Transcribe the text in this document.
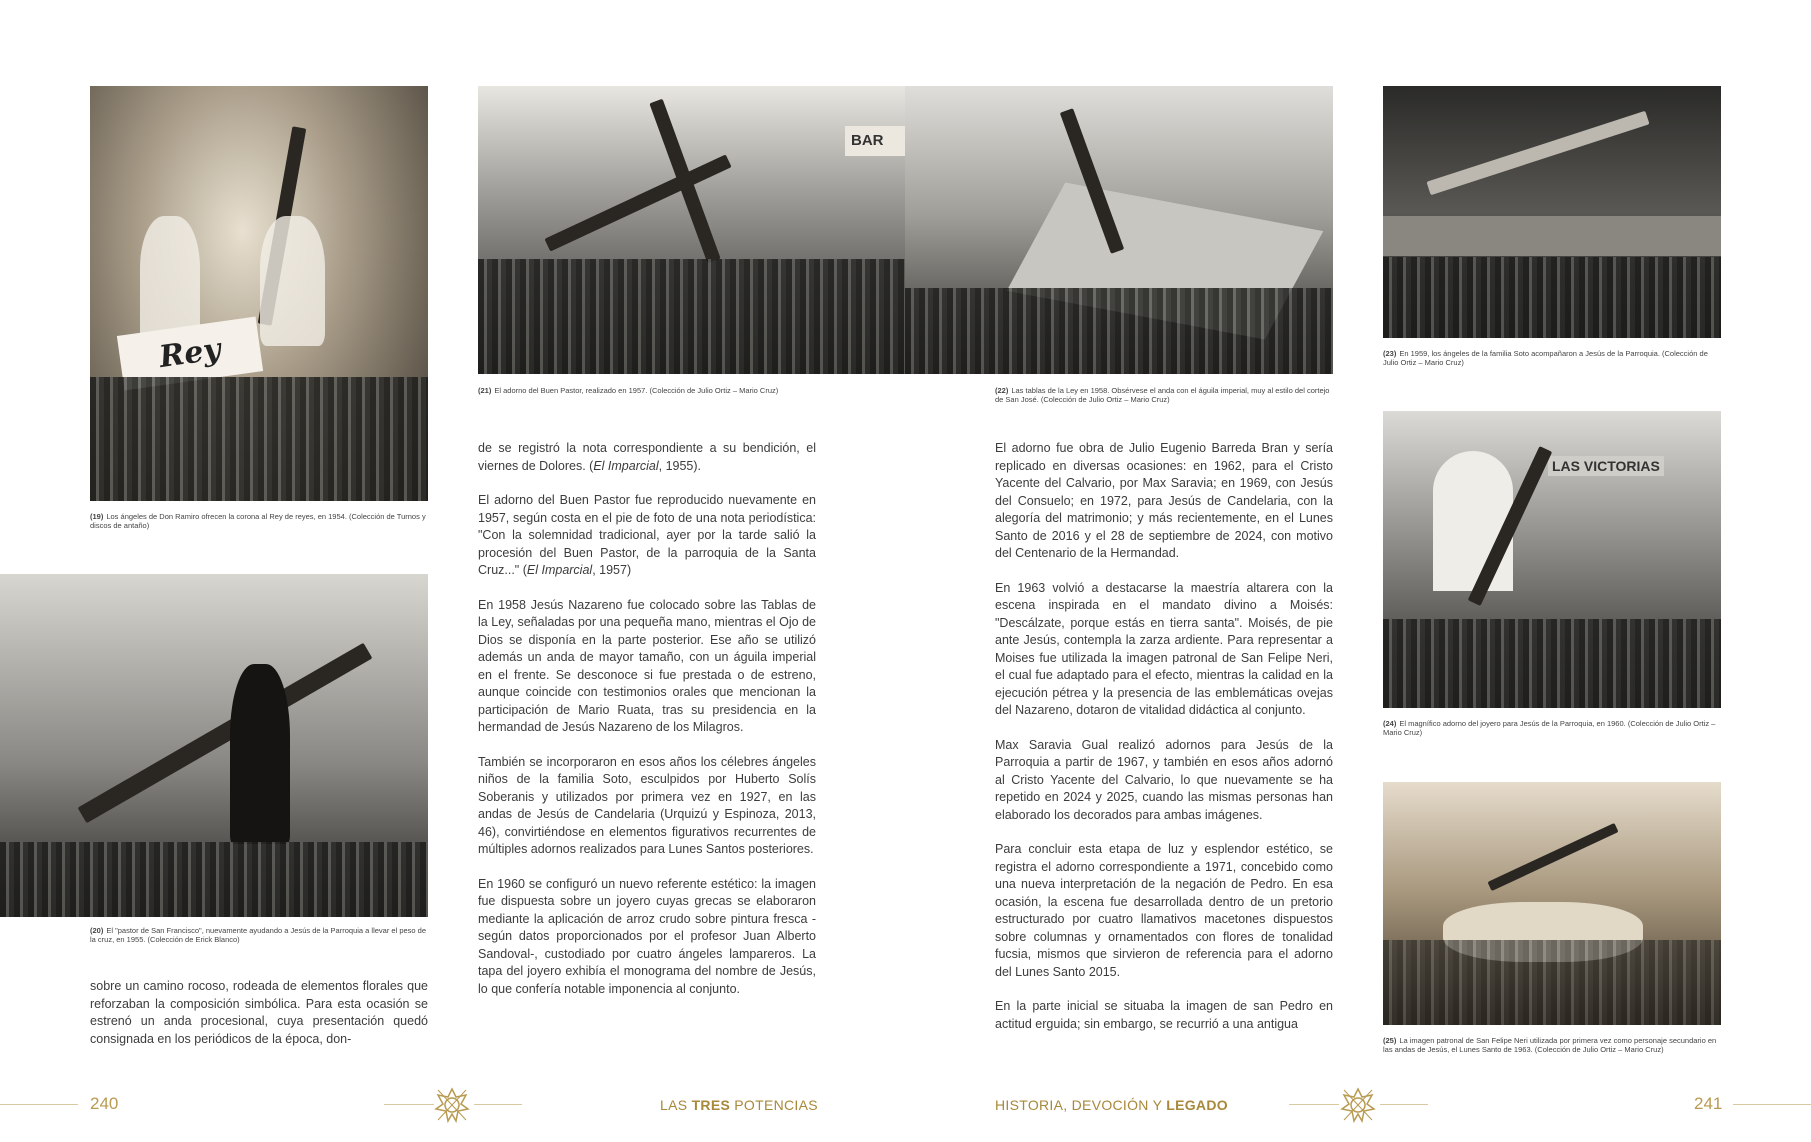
Rey
(19) Los ángeles de Don Ramiro ofrecen la corona al Rey de reyes, en 1954. (Colección de Turnos y discos de antaño)
(20) El "pastor de San Francisco", nuevamente ayudando a Jesús de la Parroquia a llevar el peso de la cruz, en 1955. (Colección de Erick Blanco)
BAR
(21) El adorno del Buen Pastor, realizado en 1957. (Colección de Julio Ortiz – Mario Cruz)	(22) Las tablas de la Ley en 1958. Obsérvese el anda con el águila imperial, muy al estilo del cortejo de San José. (Colección de Julio Ortiz – Mario Cruz)
(23) En 1959, los ángeles de la familia Soto acompañaron a Jesús de la Parroquia. (Colección de Julio Ortiz – Mario Cruz)
LAS VICTORIAS
(24) El magnífico adorno del joyero para Jesús de la Parroquia, en 1960. (Colección de Julio Ortiz – Mario Cruz)
(25) La imagen patronal de San Felipe Neri utilizada por primera vez como personaje secundario en las andas de Jesús, el Lunes Santo de 1963. (Colección de Julio Ortiz – Mario Cruz)

sobre un camino rocoso, rodeada de elementos florales que reforzaban la composición simbólica. Para esta ocasión se estrenó un anda procesional, cuya presentación quedó consignada en los periódicos de la época, don-

de se registró la nota correspondiente a su bendición, el viernes de Dolores. (El Imparcial, 1955).

El adorno del Buen Pastor fue reproducido nuevamente en 1957, según costa en el pie de foto de una nota periodística: "Con la solemnidad tradicional, ayer por la tarde salió la procesión del Buen Pastor, de la parroquia de la Santa Cruz..." (El Imparcial, 1957)

En 1958 Jesús Nazareno fue colocado sobre las Tablas de la Ley, señaladas por una pequeña mano, mientras el Ojo de Dios se disponía en la parte posterior. Ese año se utilizó además un anda de mayor tamaño, con un águila imperial en el frente. Se desconoce si fue prestada o de estreno, aunque coincide con testimonios orales que mencionan la participación de Mario Ruata, tras su presidencia en la hermandad de Jesús Nazareno de los Milagros.

También se incorporaron en esos años los célebres ángeles niños de la familia Soto, esculpidos por Huberto Solís Soberanis y utilizados por primera vez en 1927, en las andas de Jesús de Candelaria (Urquizú y Espinoza, 2013, 46), convirtiéndose en elementos figurativos recurrentes de múltiples adornos realizados para Lunes Santos posteriores.

En 1960 se configuró un nuevo referente estético: la imagen fue dispuesta sobre un joyero cuyas grecas se elaboraron mediante la aplicación de arroz crudo sobre pintura fresca -según datos proporcionados por el profesor Juan Alberto Sandoval-, custodiado por cuatro ángeles lampareros. La tapa del joyero exhibía el monograma del nombre de Jesús, lo que confería notable imponencia al conjunto.

El adorno fue obra de Julio Eugenio Barreda Bran y sería replicado en diversas ocasiones: en 1962, para el Cristo Yacente del Calvario, por Max Saravia; en 1969, con Jesús del Consuelo; en 1972, para Jesús de Candelaria, con la alegoría del matrimonio; y más recientemente, en el Lunes Santo de 2016 y el 28 de septiembre de 2024, con motivo del Centenario de la Hermandad.

En 1963 volvió a destacarse la maestría altarera con la escena inspirada en el mandato divino a Moisés: "Descálzate, porque estás en tierra santa". Moisés, de pie ante Jesús, contempla la zarza ardiente. Para representar a Moises fue utilizada la imagen patronal de San Felipe Neri, el cual fue adaptado para el efecto, mientras la calidad en la ejecución pétrea y la presencia de las emblemáticas ovejas del Nazareno, dotaron de vitalidad didáctica al conjunto.

Max Saravia Gual realizó adornos para Jesús de la Parroquia a partir de 1967, y también en esos años adornó al Cristo Yacente del Calvario, lo que nuevamente se ha repetido en 2024 y 2025, cuando las mismas personas han elaborado los decorados para ambas imágenes.

Para concluir esta etapa de luz y esplendor estético, se registra el adorno correspondiente a 1971, concebido como una nueva interpretación de la negación de Pedro. En esa ocasión, la escena fue desarrollada dentro de un pretorio estructurado por cuatro llamativos macetones dispuestos sobre columnas y ornamentados con flores de tonalidad fucsia, mismos que sirvieron de referencia para el adorno del Lunes Santo 2015.

En la parte inicial se situaba la imagen de san Pedro en actitud erguida; sin embargo, se recurrió a una antigua

240	LAS TRES POTENCIAS	HISTORIA, DEVOCIÓN Y LEGADO	241
